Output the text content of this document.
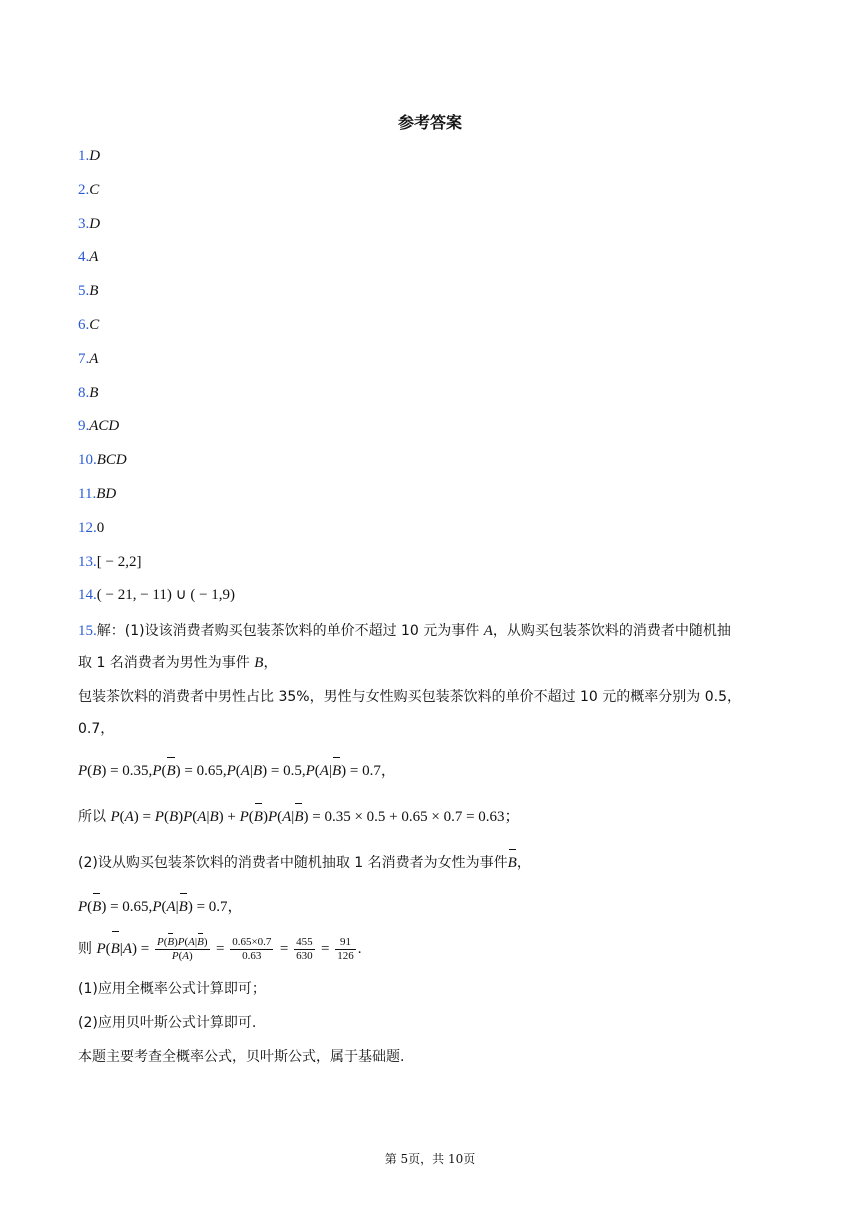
参考答案
1.D
2.C
3.D
4.A
5.B
6.C
7.A
8.B
9.ACD
10.BCD
11.BD
12.0
13.[ − 2,2]
14.( − 21, − 11) ∪ ( − 1,9)
15.解：(1)设该消费者购买包装茶饮料的单价不超过 10 元为事件 A，从购买包装茶饮料的消费者中随机抽
取 1 名消费者为男性为事件 B，
包装茶饮料的消费者中男性占比 35%，男性与女性购买包装茶饮料的单价不超过 10 元的概率分别为 0.5，
0.7，
P(B) = 0.35,P(B) = 0.65,P(A|B) = 0.5,P(A|B) = 0.7，
所以 P(A) = P(B)P(A|B) + P(B)P(A|B) = 0.35 × 0.5 + 0.65 × 0.7 = 0.63；
(2)设从购买包装茶饮料的消费者中随机抽取 1 名消费者为女性为事件B，
P(B) = 0.65,P(A|B) = 0.7，
则 $P(B|A) = \frac{P(B)P(A|B)}{P(A)} = \frac{0.65\times 0.7}{0.63} = \frac{455}{630} = \frac{91}{126}$ .
(1)应用全概率公式计算即可；
(2)应用贝叶斯公式计算即可.
本题主要考查全概率公式，贝叶斯公式，属于基础题.
第 5页，共 10页
